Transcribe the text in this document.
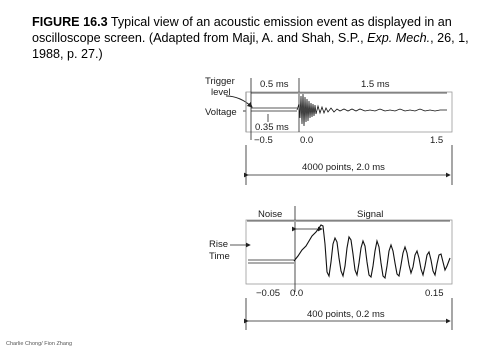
FIGURE 16.3 Typical view of an acoustic emission event as displayed in an oscilloscope screen. (Adapted from Maji, A. and Shah, S.P., Exp. Mech., 26, 1, 1988, p. 27.)

Trigger
level
Voltage
0.5 ms	1.5 ms
0.35 ms
−0.5	0.0	1.5
4000 points, 2.0 ms
Noise	Signal
Rise
Time
−0.05 0.0	0.15
400 points, 0.2 ms
Charlie Chong/ Fion Zhang
